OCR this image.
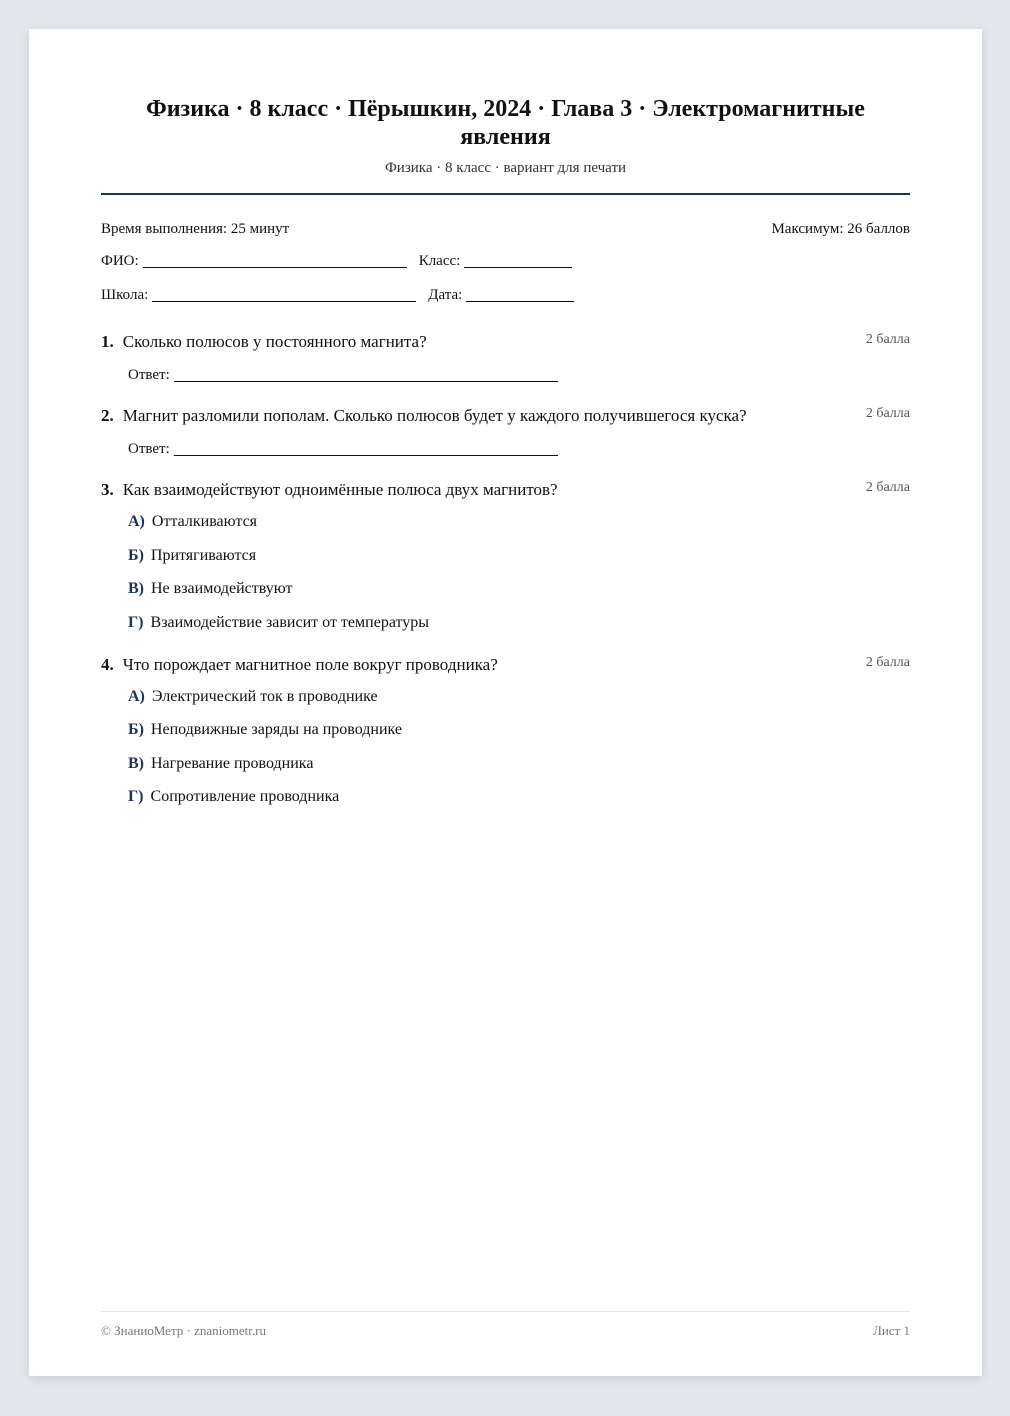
Физика · 8 класс · Пёрышкин, 2024 · Глава 3 · Электромагнитные явления
Физика · 8 класс · вариант для печати
Время выполнения: 25 минут	Максимум: 26 баллов
ФИО:	Класс:
Школа:	Дата:
1. Сколько полюсов у постоянного магнита?	2 балла
Ответ:
2. Магнит разломили пополам. Сколько полюсов будет у каждого получившегося куска?	2 балла
Ответ:
3. Как взаимодействуют одноимённые полюса двух магнитов?	2 балла
А) Отталкиваются
Б) Притягиваются
В) Не взаимодействуют
Г) Взаимодействие зависит от температуры
4. Что порождает магнитное поле вокруг проводника?	2 балла
А) Электрический ток в проводнике
Б) Неподвижные заряды на проводнике
В) Нагревание проводника
Г) Сопротивление проводника
© ЗнаниоМетр · znaniometr.ru	Лист 1
